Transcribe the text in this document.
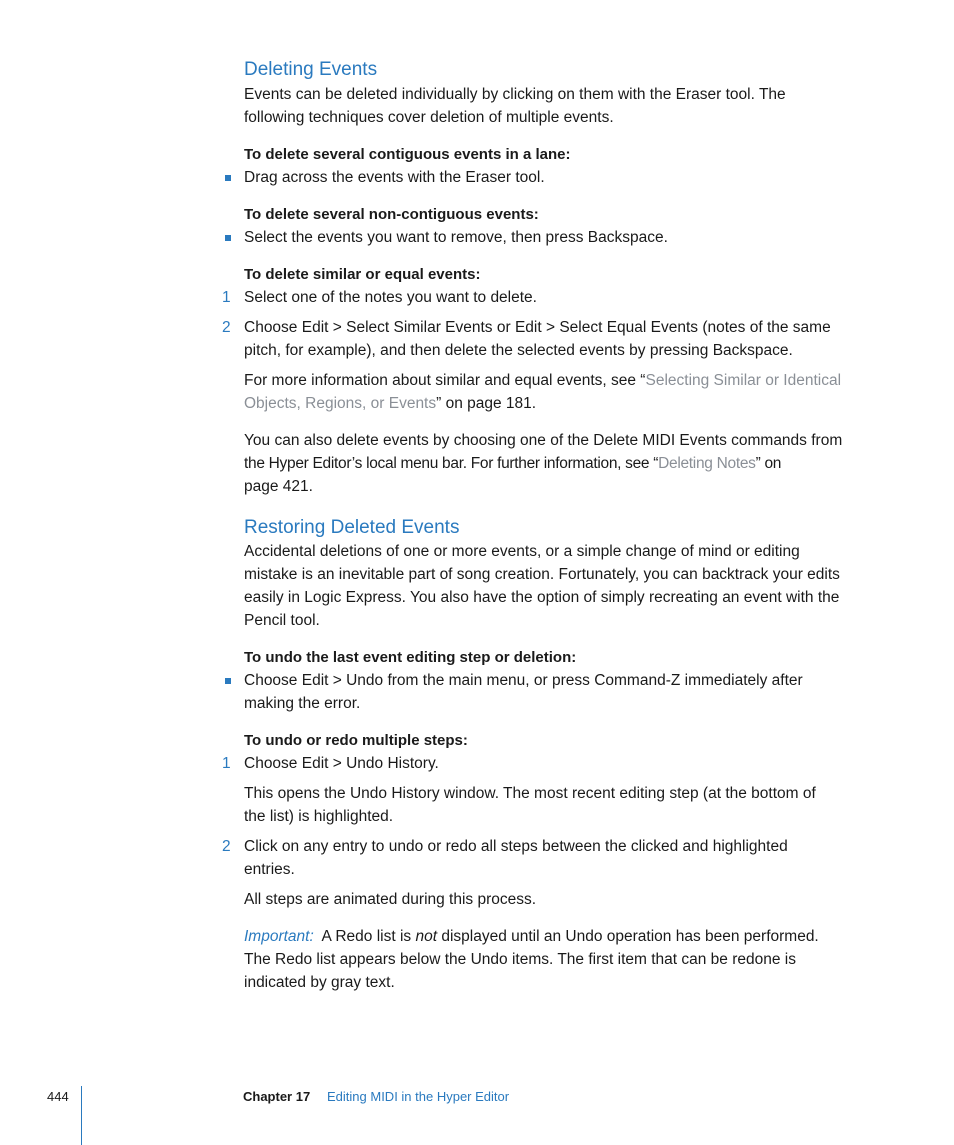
Deleting Events
Events can be deleted individually by clicking on them with the Eraser tool. The
following techniques cover deletion of multiple events.
To delete several contiguous events in a lane:
Drag across the events with the Eraser tool.
To delete several non-contiguous events:
Select the events you want to remove, then press Backspace.
To delete similar or equal events:
1 Select one of the notes you want to delete.
2 Choose Edit > Select Similar Events or Edit > Select Equal Events (notes of the same
pitch, for example), and then delete the selected events by pressing Backspace.
For more information about similar and equal events, see “Selecting Similar or Identical
Objects, Regions, or Events” on page 181.
You can also delete events by choosing one of the Delete MIDI Events commands from
the Hyper Editor’s local menu bar. For further information, see “Deleting Notes” on
page 421.
Restoring Deleted Events
Accidental deletions of one or more events, or a simple change of mind or editing
mistake is an inevitable part of song creation. Fortunately, you can backtrack your edits
easily in Logic Express. You also have the option of simply recreating an event with the
Pencil tool.
To undo the last event editing step or deletion:
Choose Edit > Undo from the main menu, or press Command-Z immediately after
making the error.
To undo or redo multiple steps:
1 Choose Edit > Undo History.
This opens the Undo History window. The most recent editing step (at the bottom of
the list) is highlighted.
2 Click on any entry to undo or redo all steps between the clicked and highlighted
entries.
All steps are animated during this process.
Important:  A Redo list is not displayed until an Undo operation has been performed.
The Redo list appears below the Undo items. The first item that can be redone is
indicated by gray text.
444	Chapter 17 Editing MIDI in the Hyper Editor
